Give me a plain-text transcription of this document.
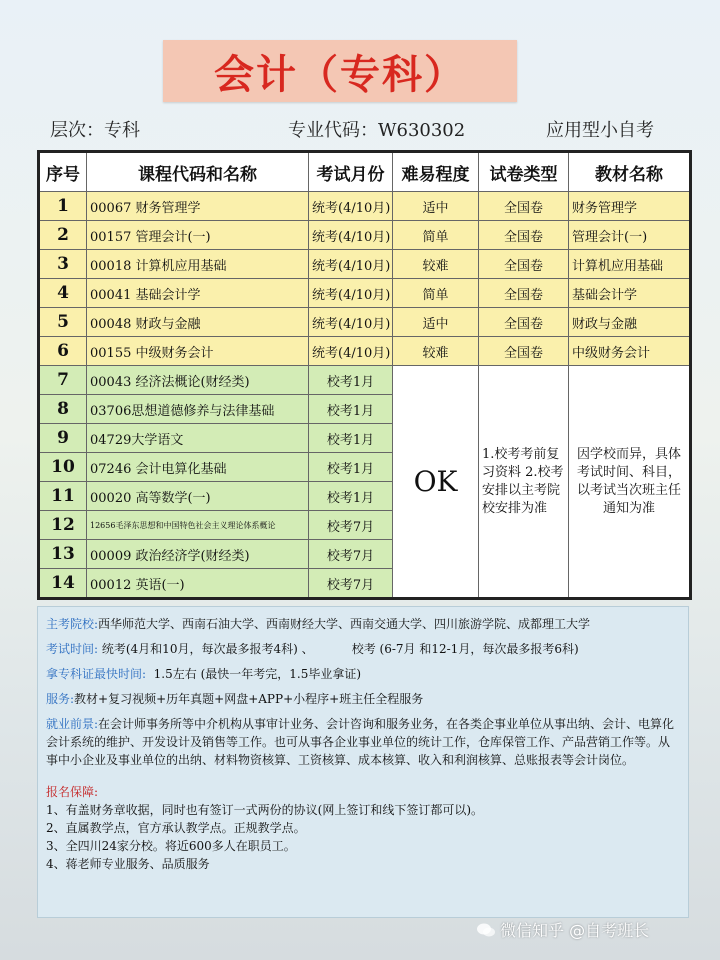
会计（专科）
层次：专科	专业代码：W630302	应用型小自考
序号	课程代码和名称	考试月份	难易程度	试卷类型	教材名称
1	00067 财务管理学	统考(4/10月)	适中	全国卷	财务管理学
2	00157 管理会计(一)	统考(4/10月)	简单	全国卷	管理会计(一)
3	00018 计算机应用基础	统考(4/10月)	较难	全国卷	计算机应用基础
4	00041 基础会计学	统考(4/10月)	简单	全国卷	基础会计学
5	00048 财政与金融	统考(4/10月)	适中	全国卷	财政与金融
6	00155 中级财务会计	统考(4/10月)	较难	全国卷	中级财务会计
7	00043 经济法概论(财经类)	校考1月	OK	1.校考考前复习资料 2.校考安排以主考院校安排为准	因学校而异，具体考试时间、科目，以考试当次班主任通知为准
8	03706思想道德修养与法律基础	校考1月			
9	04729大学语文	校考1月			
10	07246 会计电算化基础	校考1月			
11	00020 高等数学(一)	校考1月			
12	12656毛泽东思想和中国特色社会主义理论体系概论	校考7月			
13	00009 政治经济学(财经类)	校考7月			
14	00012 英语(一)	校考7月			

主考院校:西华师范大学、西南石油大学、西南财经大学、西南交通大学、四川旅游学院、成都理工大学

考试时间: 统考(4月和10月，每次最多报考4科) 、          校考 (6-7月 和12-1月，每次最多报考6科)

拿专科证最快时间:  1.5左右 (最快一年考完，1.5毕业拿证)

服务:教材+复习视频+历年真题+网盘+APP+小程序+班主任全程服务

就业前景:在会计师事务所等中介机构从事审计业务、会计咨询和服务业务，在各类企事业单位从事出纳、会计、电算化会计系统的维护、开发设计及销售等工作。也可从事各企业事业单位的统计工作，仓库保管工作、产品营销工作等。从事中小企业及事业单位的出纳、材料物资核算、工资核算、成本核算、收入和利润核算、总账报表等会计岗位。

报名保障:
1、有盖财务章收据，同时也有签订一式两份的协议(网上签订和线下签订都可以)。
2、直属教学点，官方承认教学点。正规教学点。
3、全四川24家分校。将近600多人在职员工。
4、蒋老师专业服务、品质服务
微信知乎 @自考班长
